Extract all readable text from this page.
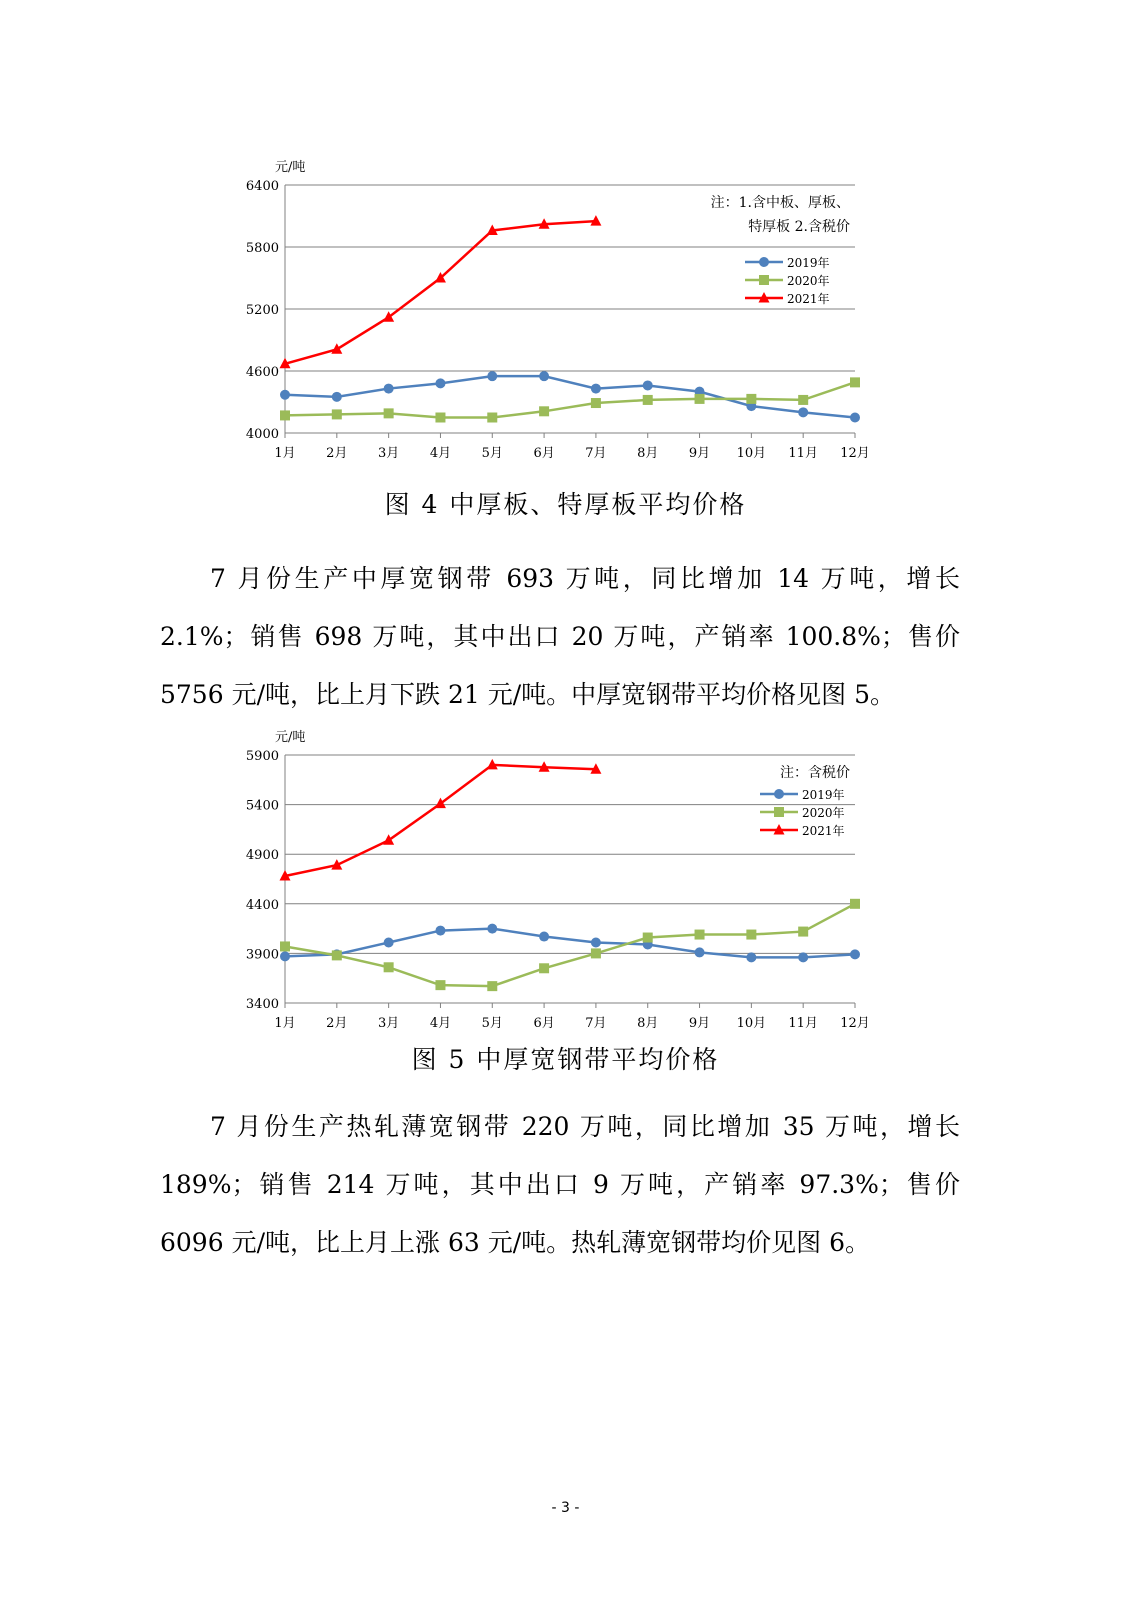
4000
4600
5200
5800
6400
元/吨
1月 2月 3月 4月 5月 6月 7月 8月 9月 10月 11月 12月
注：1.含中板、厚板、
特厚板 2.含税价
2019年
2020年
2021年
图 4 中厚板、特厚板平均价格

7 月份生产中厚宽钢带 693 万吨，同比增加 14 万吨，增长 2.1%；销售 698 万吨，其中出口 20 万吨，产销率 100.8%；售价 5756 元/吨，比上月下跌 21 元/吨。中厚宽钢带平均价格见图 5。

3400
3900
4400
4900
5400
5900
元/吨
1月 2月 3月 4月 5月 6月 7月 8月 9月 10月 11月 12月
注：含税价
2019年
2020年
2021年
图 5 中厚宽钢带平均价格

7 月份生产热轧薄宽钢带 220 万吨，同比增加 35 万吨，增长 189%；销售 214 万吨，其中出口 9 万吨，产销率 97.3%；售价 6096 元/吨，比上月上涨 63 元/吨。热轧薄宽钢带均价见图 6。

- 3 -
